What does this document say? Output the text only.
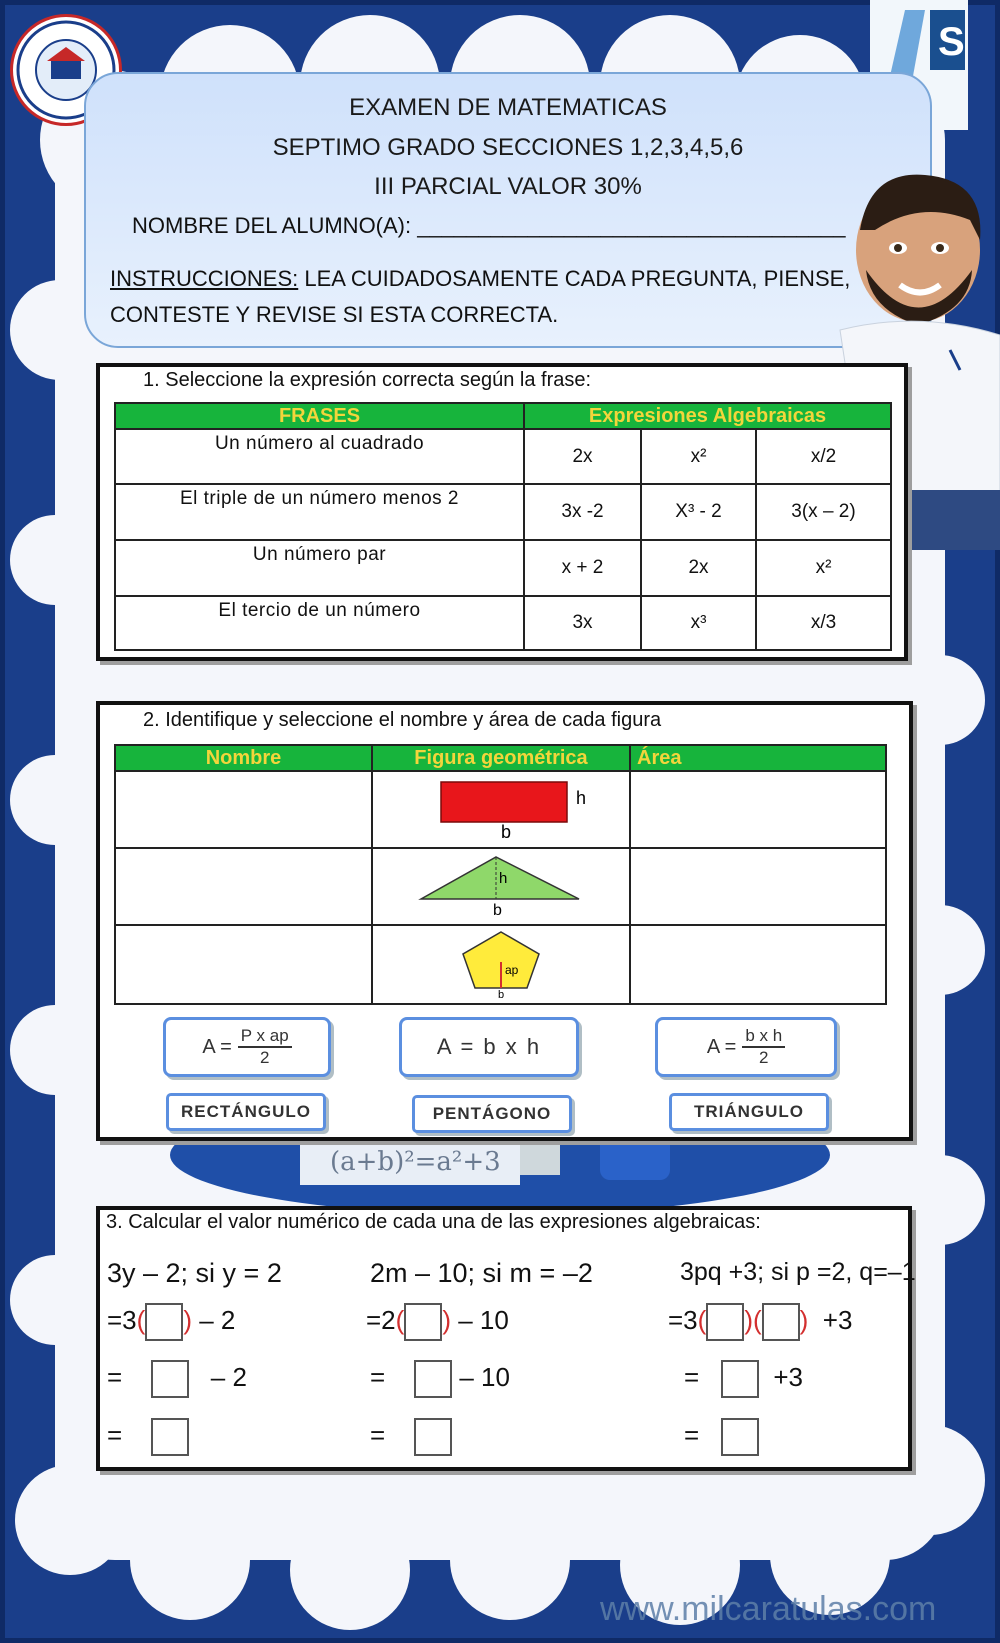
(a+b)²=a²+3
S
EXAMEN DE MATEMATICAS
SEPTIMO GRADO SECCIONES 1,2,3,4,5,6
III PARCIAL VALOR 30%
NOMBRE DEL ALUMNO(A): ___________________________________
INSTRUCCIONES: LEA CUIDADOSAMENTE CADA PREGUNTA, PIENSE,
CONTESTE Y REVISE SI ESTA CORRECTA.
1. Seleccione la expresión correcta según la frase:
FRASES	Expresiones Algebraicas		
Un número al cuadrado	2x	x²	x/2
El triple de un número menos 2	3x -2	X³ - 2	3(x – 2)
Un número par	x + 2	2x	x²
El tercio de un número	3x	x³	x/3
2. Identifique y seleccione el nombre y área de cada figura
Nombre	Figura geométrica	Área

h
b	

h
b	

ap
b	

$A = \frac{\text{P x ap}}{2}$	A = b x h	$A = \frac{\text{b x h}}{2}$
RECTÁNGULO	PENTÁGONO	TRIÁNGULO
3. Calcular el valor numérico de cada una de las expresiones algebraicas:
3y – 2; si y = 2
=3( ) – 2
=	– 2
=
2m – 10; si m = –2
=2( ) – 10
=	– 10
=
3pq +3; si p =2, q=–1
=3( )( )  +3
=	+3
=
www.milcaratulas.com
